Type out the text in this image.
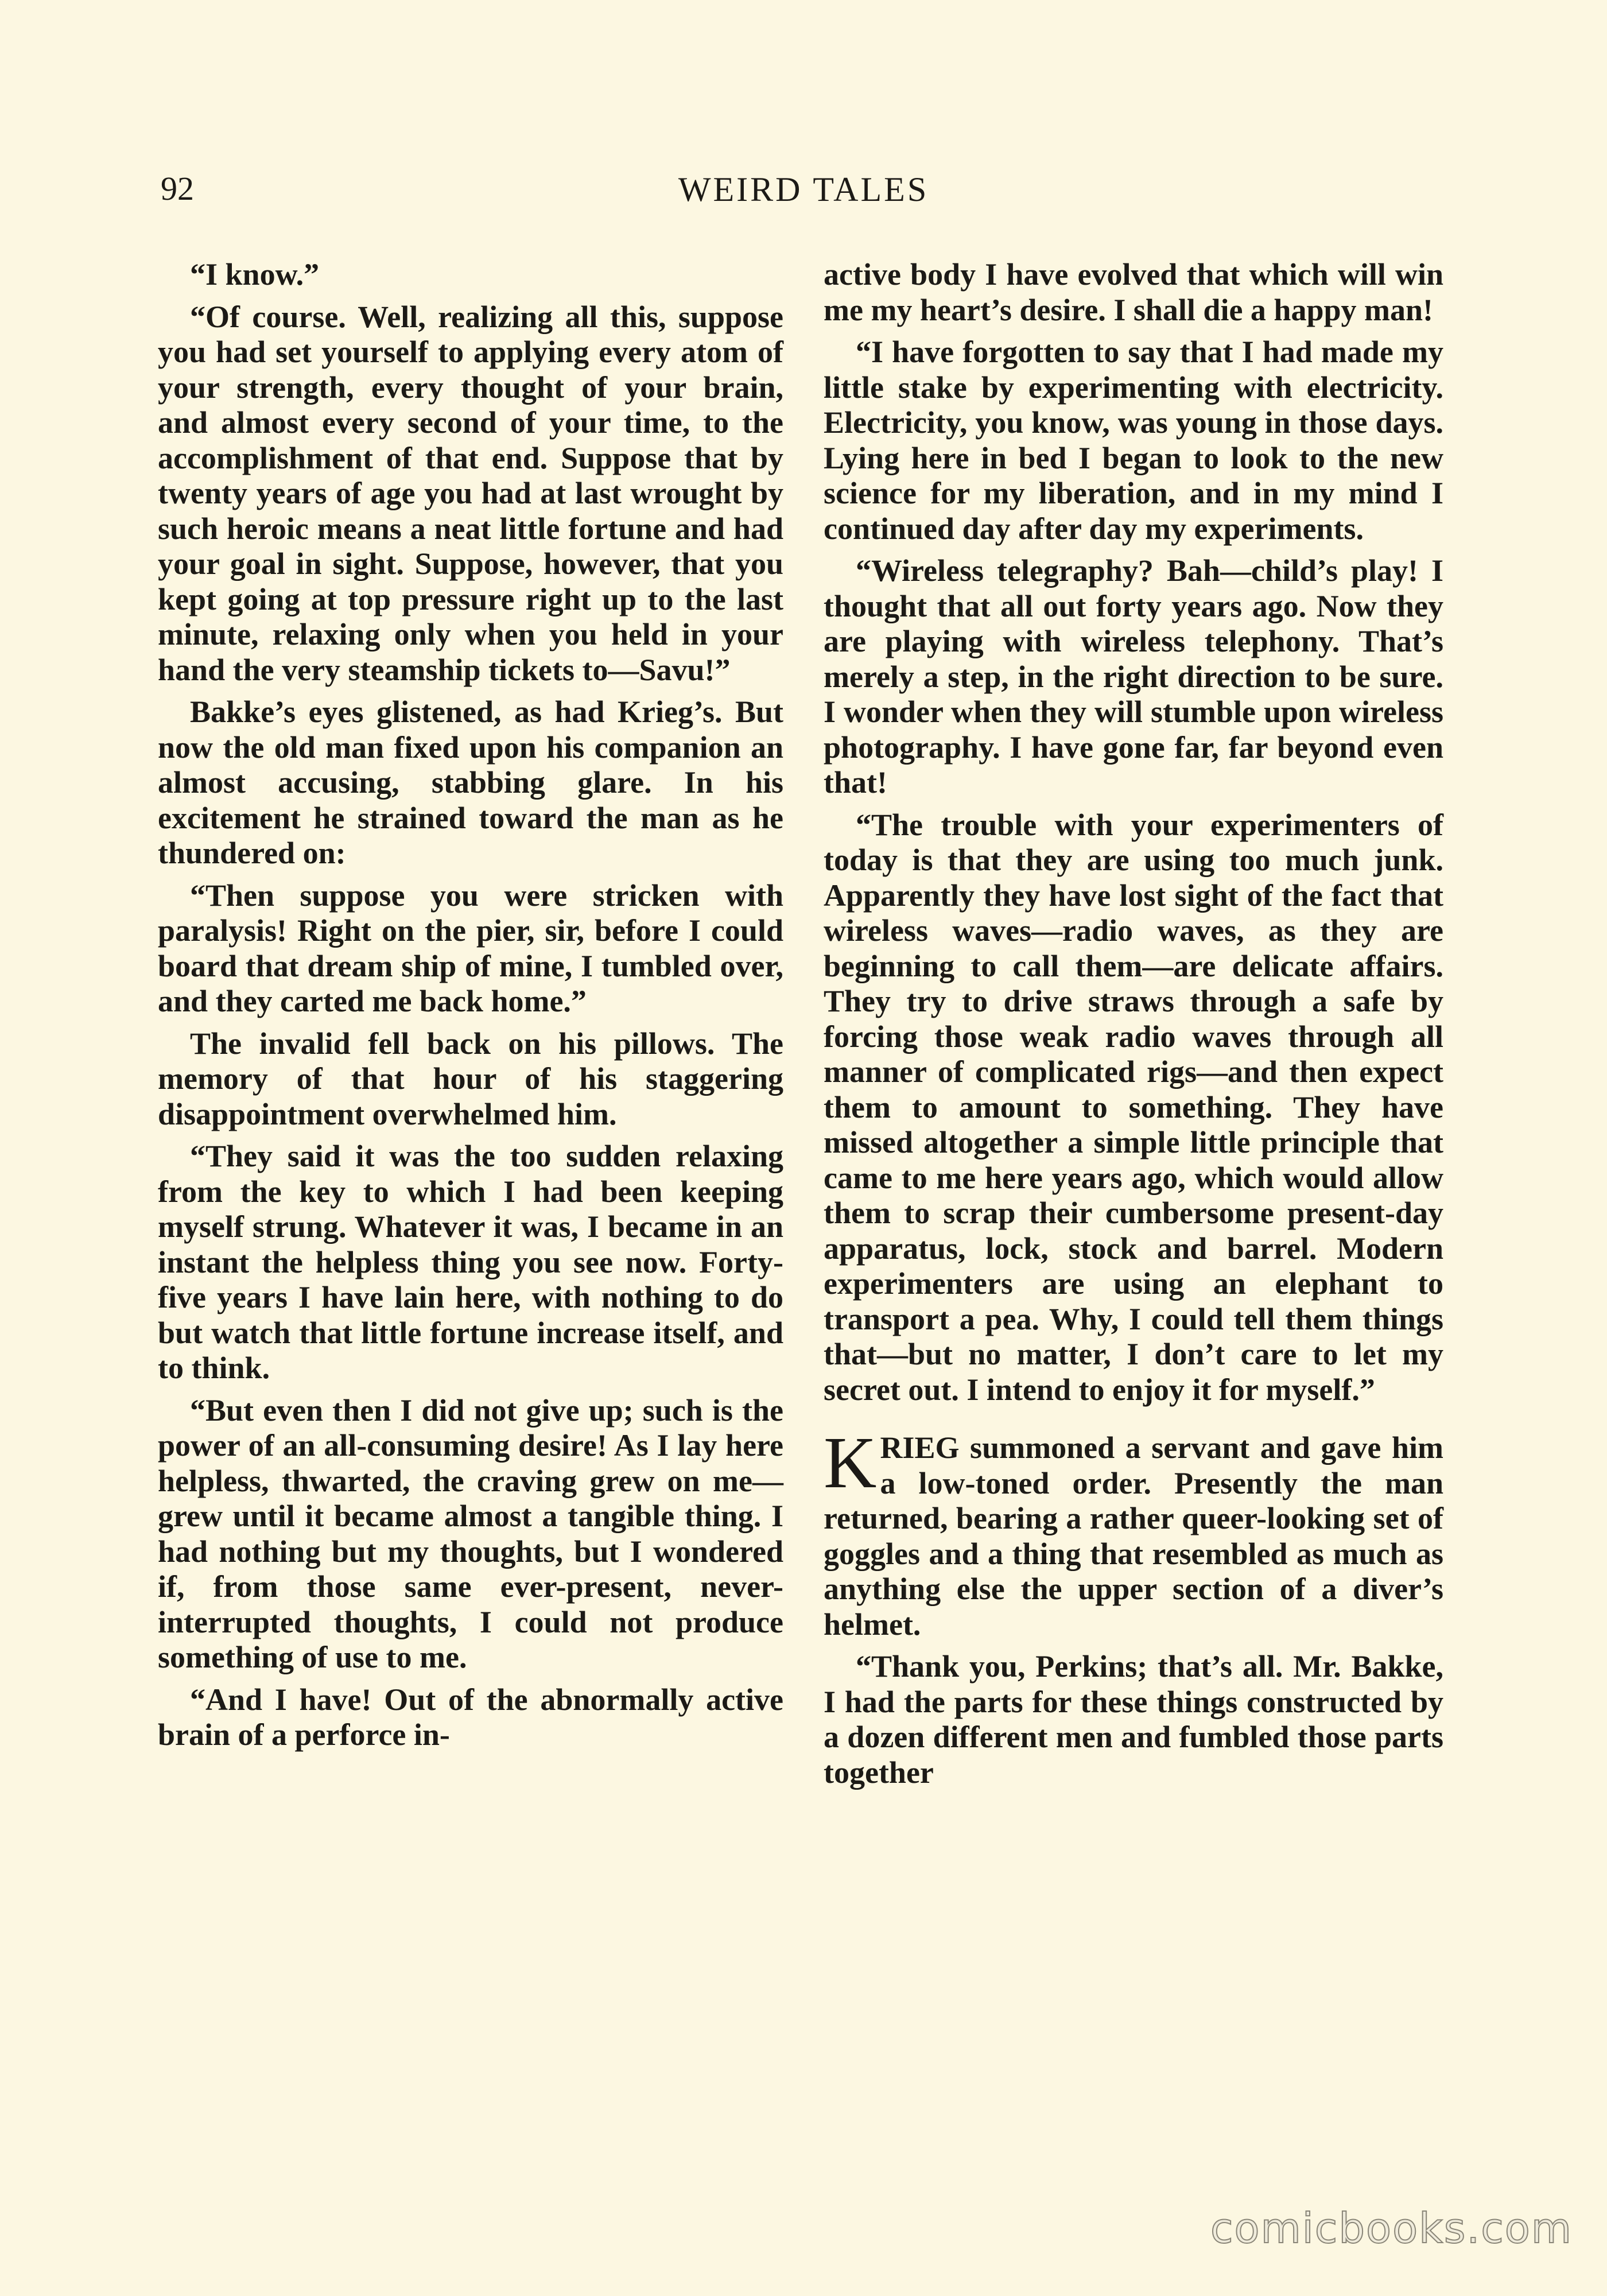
92	WEIRD TALES

“I know.”

“Of course. Well, realizing all this, suppose you had set yourself to applying every atom of your strength, every thought of your brain, and almost every second of your time, to the accomplishment of that end. Suppose that by twenty years of age you had at last wrought by such heroic means a neat little fortune and had your goal in sight. Suppose, however, that you kept going at top pressure right up to the last minute, relaxing only when you held in your hand the very steamship tickets to—Savu!”

Bakke’s eyes glistened, as had Krieg’s. But now the old man fixed upon his companion an almost accusing, stabbing glare. In his excitement he strained toward the man as he thundered on:

“Then suppose you were stricken with paralysis! Right on the pier, sir, before I could board that dream ship of mine, I tumbled over, and they carted me back home.”

The invalid fell back on his pillows. The memory of that hour of his staggering disappointment overwhelmed him.

“They said it was the too sudden relaxing from the key to which I had been keeping myself strung. Whatever it was, I became in an instant the helpless thing you see now. Forty-five years I have lain here, with nothing to do but watch that little fortune increase itself, and to think.

“But even then I did not give up; such is the power of an all-consuming desire! As I lay here helpless, thwarted, the craving grew on me—grew until it became almost a tangible thing. I had nothing but my thoughts, but I wondered if, from those same ever-present, never-interrupted thoughts, I could not produce something of use to me.

“And I have! Out of the abnormally active brain of a perforce in-

active body I have evolved that which will win me my heart’s desire. I shall die a happy man!

“I have forgotten to say that I had made my little stake by experimenting with electricity. Electricity, you know, was young in those days. Lying here in bed I began to look to the new science for my liberation, and in my mind I continued day after day my experiments.

“Wireless telegraphy? Bah—child’s play! I thought that all out forty years ago. Now they are playing with wireless telephony. That’s merely a step, in the right direction to be sure. I wonder when they will stumble upon wireless photography. I have gone far, far beyond even that!

“The trouble with your experimenters of today is that they are using too much junk. Apparently they have lost sight of the fact that wireless waves—radio waves, as they are beginning to call them—are delicate affairs. They try to drive straws through a safe by forcing those weak radio waves through all manner of complicated rigs—and then expect them to amount to something. They have missed altogether a simple little principle that came to me here years ago, which would allow them to scrap their cumbersome present-day apparatus, lock, stock and barrel. Modern experimenters are using an elephant to transport a pea. Why, I could tell them things that—but no matter, I don’t care to let my secret out. I intend to enjoy it for myself.”

KRIEG summoned a servant and gave him a low-toned order. Presently the man returned, bearing a rather queer-looking set of goggles and a thing that resembled as much as anything else the upper section of a diver’s helmet.

“Thank you, Perkins; that’s all. Mr. Bakke, I had the parts for these things constructed by a dozen different men and fumbled those parts together

comicbooks.com
